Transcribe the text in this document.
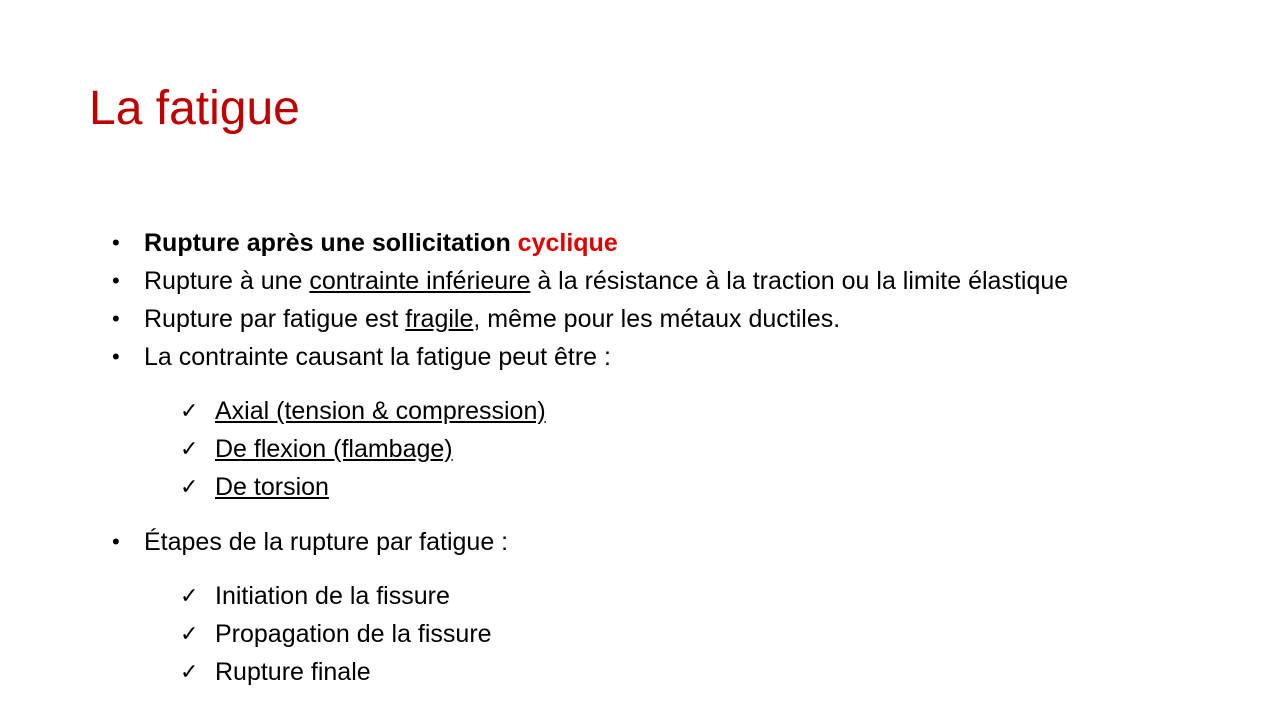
La fatigue
• Rupture après une sollicitation cyclique
• Rupture à une contrainte inférieure à la résistance à la traction ou la limite élastique
• Rupture par fatigue est fragile, même pour les métaux ductiles.
• La contrainte causant la fatigue peut être :
✓ Axial (tension & compression)
✓ De flexion (flambage)
✓ De torsion
• Étapes de la rupture par fatigue :
✓ Initiation de la fissure
✓ Propagation de la fissure
✓ Rupture finale
